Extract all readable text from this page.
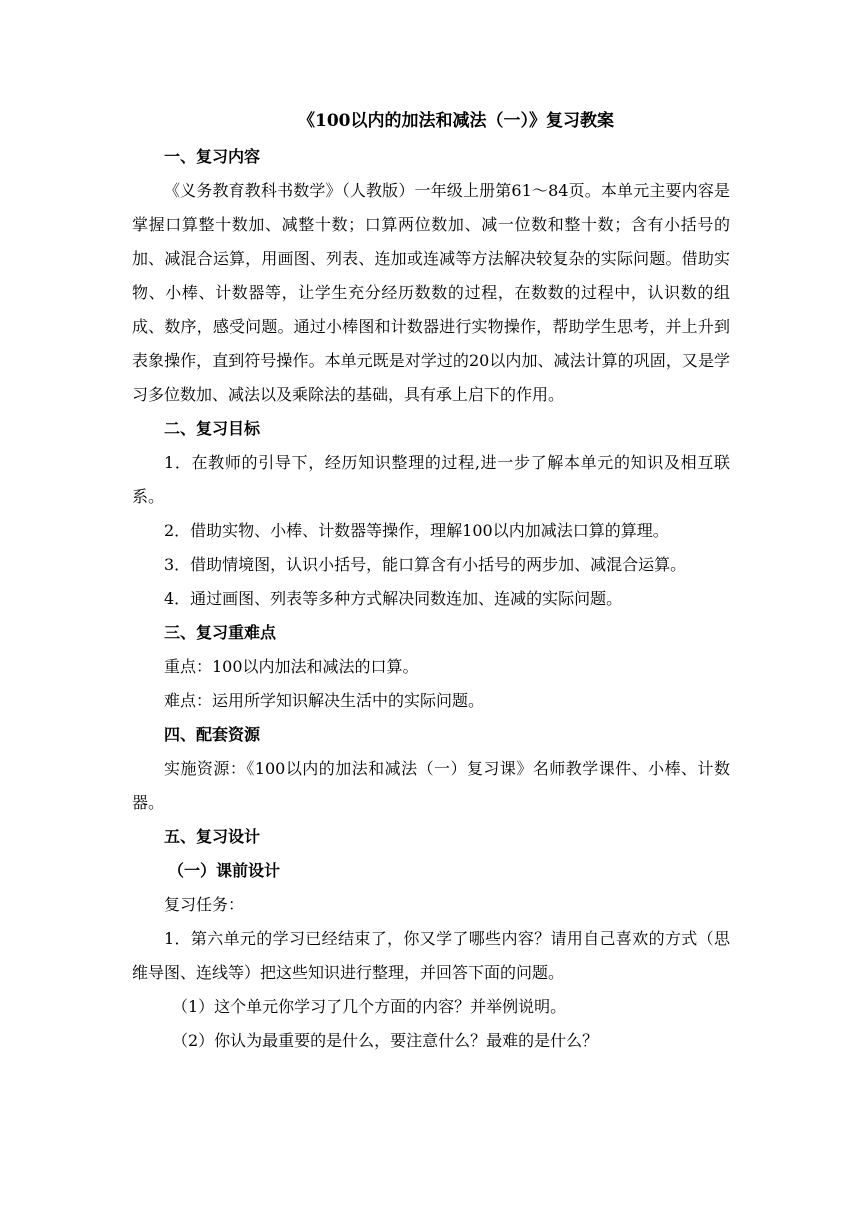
《100以内的加法和减法（一）》复习教案

一、复习内容

《义务教育教科书数学》（人教版）一年级上册第61～84页。本单元主要内容是掌握口算整十数加、减整十数；口算两位数加、减一位数和整十数；含有小括号的加、减混合运算，用画图、列表、连加或连减等方法解决较复杂的实际问题。借助实物、小棒、计数器等，让学生充分经历数数的过程，在数数的过程中，认识数的组成、数序，感受问题。通过小棒图和计数器进行实物操作，帮助学生思考，并上升到表象操作，直到符号操作。本单元既是对学过的20以内加、减法计算的巩固，又是学习多位数加、减法以及乘除法的基础，具有承上启下的作用。

二、复习目标

1．在教师的引导下，经历知识整理的过程,进一步了解本单元的知识及相互联系。

2．借助实物、小棒、计数器等操作，理解100以内加减法口算的算理。

3．借助情境图，认识小括号，能口算含有小括号的两步加、减混合运算。

4．通过画图、列表等多种方式解决同数连加、连减的实际问题。

三、复习重难点

重点：100以内加法和减法的口算。

难点：运用所学知识解决生活中的实际问题。

四、配套资源

实施资源：《100以内的加法和减法（一）复习课》名师教学课件、小棒、计数器。

五、复习设计

（一）课前设计

复习任务：

1．第六单元的学习已经结束了，你又学了哪些内容？请用自己喜欢的方式（思维导图、连线等）把这些知识进行整理，并回答下面的问题。

（1）这个单元你学习了几个方面的内容？并举例说明。

（2）你认为最重要的是什么，要注意什么？最难的是什么？
